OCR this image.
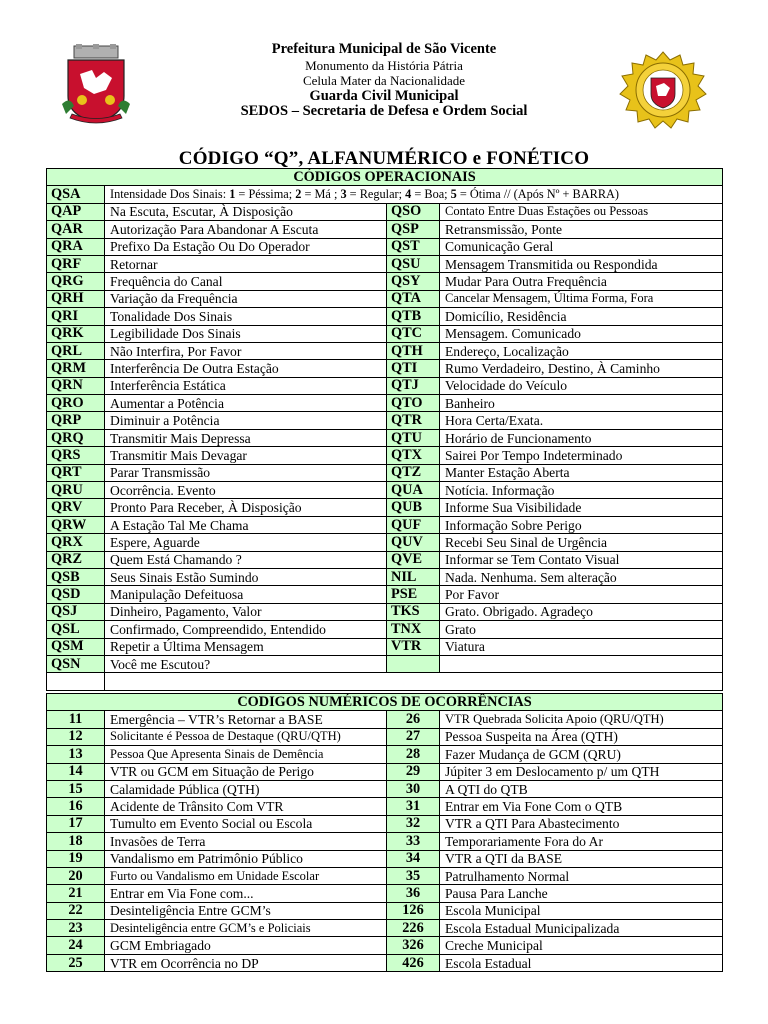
Prefeitura Municipal de São Vicente
Monumento da História Pátria
Celula Mater da Nacionalidade
Guarda Civil Municipal
SEDOS – Secretaria de Defesa e Ordem Social
CÓDIGO “Q”, ALFANUMÉRICO e FONÉTICO
CÓDIGOS OPERACIONAIS			
QSA	Intensidade Dos Sinais: 1 = Péssima; 2 = Má ; 3 = Regular; 4 = Boa; 5 = Ótima // (Após Nº + BARRA)		
QAP	Na Escuta, Escutar, À Disposição	QSO	Contato Entre Duas Estações ou Pessoas
QAR	Autorização Para Abandonar A Escuta	QSP	Retransmissão, Ponte
QRA	Prefixo Da Estação Ou Do Operador	QST	Comunicação Geral
QRF	Retornar	QSU	Mensagem Transmitida ou Respondida
QRG	Frequência do Canal	QSY	Mudar Para Outra Frequência
QRH	Variação da Frequência	QTA	Cancelar Mensagem, Última Forma, Fora
QRI	Tonalidade Dos Sinais	QTB	Domicílio, Residência
QRK	Legibilidade Dos Sinais	QTC	Mensagem. Comunicado
QRL	Não Interfira, Por Favor	QTH	Endereço, Localização
QRM	Interferência De Outra Estação	QTI	Rumo Verdadeiro, Destino, À Caminho
QRN	Interferência Estática	QTJ	Velocidade do Veículo
QRO	Aumentar a Potência	QTO	Banheiro
QRP	Diminuir a Potência	QTR	Hora Certa/Exata.
QRQ	Transmitir Mais Depressa	QTU	Horário de Funcionamento
QRS	Transmitir Mais Devagar	QTX	Sairei Por Tempo Indeterminado
QRT	Parar Transmissão	QTZ	Manter Estação Aberta
QRU	Ocorrência. Evento	QUA	Notícia. Informação
QRV	Pronto Para Receber, À Disposição	QUB	Informe Sua Visibilidade
QRW	A Estação Tal Me Chama	QUF	Informação Sobre Perigo
QRX	Espere, Aguarde	QUV	Recebi Seu Sinal de Urgência
QRZ	Quem Está Chamando ?	QVE	Informar se Tem Contato Visual
QSB	Seus Sinais Estão Sumindo	NIL	Nada. Nenhuma. Sem alteração
QSD	Manipulação Defeituosa	PSE	Por Favor
QSJ	Dinheiro, Pagamento, Valor	TKS	Grato. Obrigado. Agradeço
QSL	Confirmado, Compreendido, Entendido	TNX	Grato
QSM	Repetir a Última Mensagem	VTR	Viatura
QSN	Você me Escutou?		

CODIGOS NUMÉRICOS DE OCORRÊNCIAS			
11	Emergência – VTR’s Retornar a BASE	26	VTR Quebrada Solicita Apoio (QRU/QTH)
12	Solicitante é Pessoa de Destaque (QRU/QTH)	27	Pessoa Suspeita na Área (QTH)
13	Pessoa Que Apresenta Sinais de Demência	28	Fazer Mudança de GCM (QRU)
14	VTR ou GCM em Situação de Perigo	29	Júpiter 3 em Deslocamento p/ um QTH
15	Calamidade Pública (QTH)	30	A QTI do QTB
16	Acidente de Trânsito Com VTR	31	Entrar em Via Fone Com o QTB
17	Tumulto em Evento Social ou Escola	32	VTR a QTI Para Abastecimento
18	Invasões de Terra	33	Temporariamente Fora do Ar
19	Vandalismo em Patrimônio Público	34	VTR a QTI da BASE
20	Furto ou Vandalismo em Unidade Escolar	35	Patrulhamento Normal
21	Entrar em Via Fone com...	36	Pausa Para Lanche
22	Desinteligência Entre GCM’s	126	Escola Municipal
23	Desinteligência entre GCM’s e Policiais	226	Escola Estadual Municipalizada
24	GCM Embriagado	326	Creche Municipal
25	VTR em Ocorrência no DP	426	Escola Estadual
